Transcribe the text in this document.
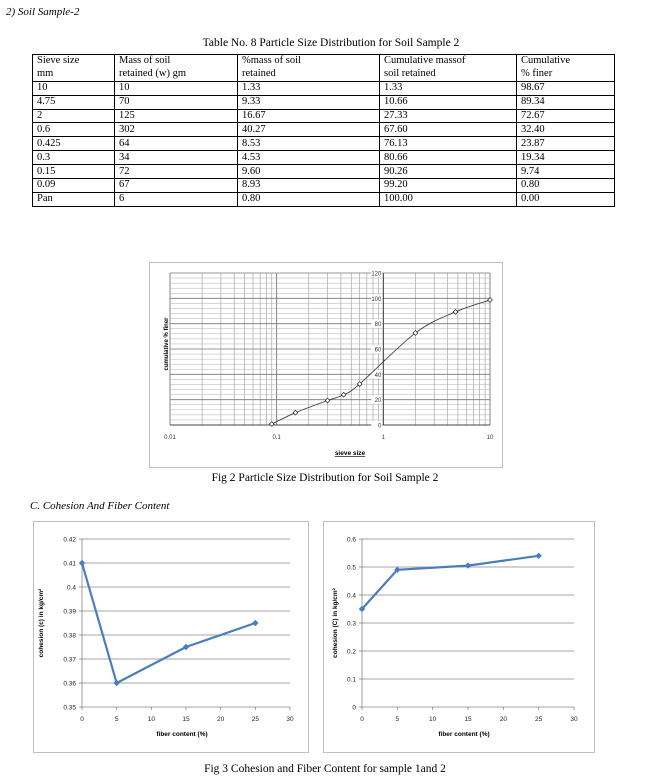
2) Soil Sample-2
Table No. 8 Particle Size Distribution for Soil Sample 2
Sieve size	Mass of soil	%mass of soil	Cumulative massof	Cumulative
mm	retained (w) gm	retained	soil retained	% finer
10	10	1.33	1.33	98.67
4.75	70	9.33	10.66	89.34
2	125	16.67	27.33	72.67
0.6	302	40.27	67.60	32.40
0.425	64	8.53	76.13	23.87
0.3	34	4.53	80.66	19.34
0.15	72	9.60	90.26	9.74
0.09	67	8.93	99.20	0.80
Pan	6	0.80	100.00	0.00
0
20
40
60
80
100
120
0.01	0.1	1	10
sieve size
cumulative % finer
Fig 2 Particle Size Distribution for Soil Sample 2
C. Cohesion And Fiber Content
0.35
0.36
0.37
0.38
0.39
0.4
0.41
0.42
0	5	10	15	20	25	30
fiber content (%)
cohesion (c) in kg/cm²
0
0.1
0.2
0.3
0.4
0.5
0.6
0	5	10	15	20	25	30
fiber content (%)
cohesion (C) in kg/cm²
Fig 3 Cohesion and Fiber Content for sample 1and 2
